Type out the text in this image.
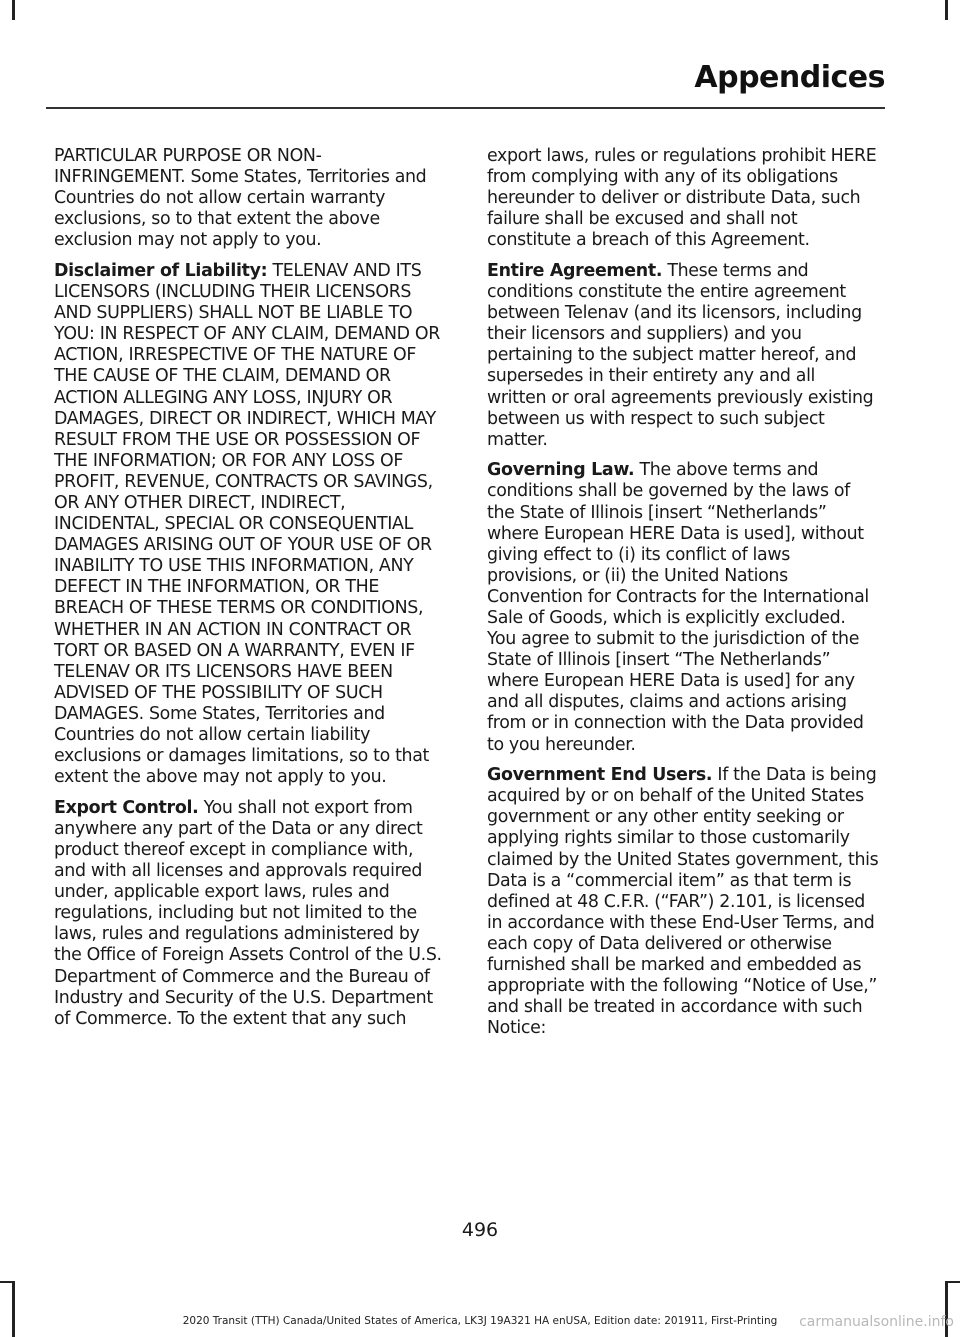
Appendices

PARTICULAR PURPOSE OR NON-INFRINGEMENT. Some States, Territories and Countries do not allow certain warranty exclusions, so to that extent the above exclusion may not apply to you.

Disclaimer of Liability: TELENAV AND ITS LICENSORS (INCLUDING THEIR LICENSORS AND SUPPLIERS) SHALL NOT BE LIABLE TO YOU: IN RESPECT OF ANY CLAIM, DEMAND OR ACTION, IRRESPECTIVE OF THE NATURE OF THE CAUSE OF THE CLAIM, DEMAND OR ACTION ALLEGING ANY LOSS, INJURY OR DAMAGES, DIRECT OR INDIRECT, WHICH MAY RESULT FROM THE USE OR POSSESSION OF THE INFORMATION; OR FOR ANY LOSS OF PROFIT, REVENUE, CONTRACTS OR SAVINGS, OR ANY OTHER DIRECT, INDIRECT, INCIDENTAL, SPECIAL OR CONSEQUENTIAL DAMAGES ARISING OUT OF YOUR USE OF OR INABILITY TO USE THIS INFORMATION, ANY DEFECT IN THE INFORMATION, OR THE BREACH OF THESE TERMS OR CONDITIONS, WHETHER IN AN ACTION IN CONTRACT OR TORT OR BASED ON A WARRANTY, EVEN IF TELENAV OR ITS LICENSORS HAVE BEEN ADVISED OF THE POSSIBILITY OF SUCH DAMAGES. Some States, Territories and Countries do not allow certain liability exclusions or damages limitations, so to that extent the above may not apply to you.

Export Control. You shall not export from anywhere any part of the Data or any direct product thereof except in compliance with, and with all licenses and approvals required under, applicable export laws, rules and regulations, including but not limited to the laws, rules and regulations administered by the Office of Foreign Assets Control of the U.S. Department of Commerce and the Bureau of Industry and Security of the U.S. Department of Commerce. To the extent that any such

export laws, rules or regulations prohibit HERE from complying with any of its obligations hereunder to deliver or distribute Data, such failure shall be excused and shall not constitute a breach of this Agreement.

Entire Agreement. These terms and conditions constitute the entire agreement between Telenav (and its licensors, including their licensors and suppliers) and you pertaining to the subject matter hereof, and supersedes in their entirety any and all written or oral agreements previously existing between us with respect to such subject matter.

Governing Law. The above terms and conditions shall be governed by the laws of the State of Illinois [insert “Netherlands” where European HERE Data is used], without giving effect to (i) its conflict of laws provisions, or (ii) the United Nations Convention for Contracts for the International Sale of Goods, which is explicitly excluded. You agree to submit to the jurisdiction of the State of Illinois [insert “The Netherlands” where European HERE Data is used] for any and all disputes, claims and actions arising from or in connection with the Data provided to you hereunder.

Government End Users. If the Data is being acquired by or on behalf of the United States government or any other entity seeking or applying rights similar to those customarily claimed by the United States government, this Data is a “commercial item” as that term is defined at 48 C.F.R. (“FAR”) 2.101, is licensed in accordance with these End-User Terms, and each copy of Data delivered or otherwise furnished shall be marked and embedded as appropriate with the following “Notice of Use,” and shall be treated in accordance with such Notice:

496
2020 Transit (TTH) Canada/United States of America, LK3J 19A321 HA enUSA, Edition date: 201911, First-Printing	carmanualsonline.info
